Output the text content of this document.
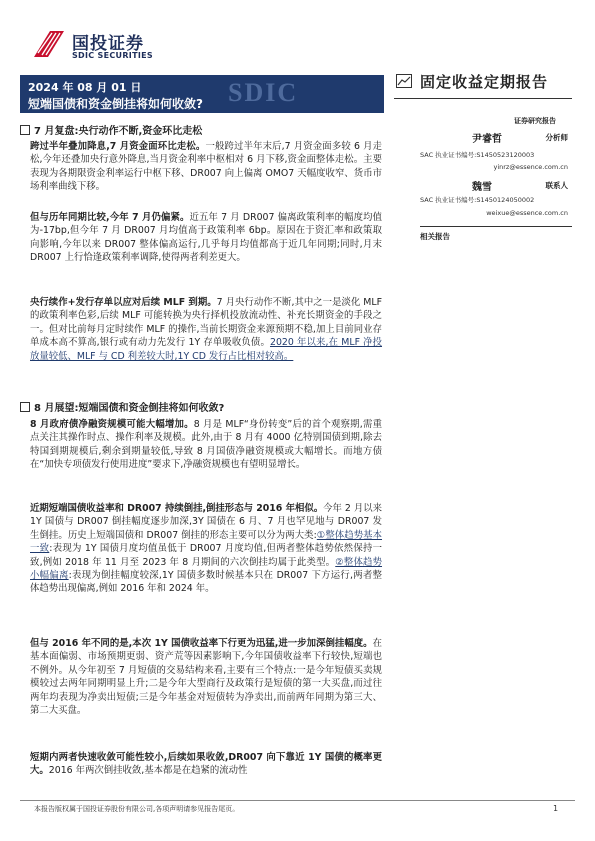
国投证券
SDIC SECURITIES
SDIC
2024 年 08 月 01 日
短端国债和资金倒挂将如何收敛?
固定收益定期报告
证券研究报告
尹睿哲	分析师
SAC 执业证书编号:S1450523120003
yinrz@essence.com.cn
魏雪	联系人
SAC 执业证书编号:S1450124050002
weixue@essence.com.cn
相关报告
7 月复盘:央行动作不断,资金环比走松
跨过半年叠加降息,7 月资金面环比走松。一般跨过半年末后,7 月资金面多较 6 月走松,今年还叠加央行意外降息,当月资金利率中枢相对 6 月下移,资金面整体走松。主要表现为各期限资金利率运行中枢下移、DR007 向上偏离 OMO7 天幅度收窄、货币市场利率曲线下移。
但与历年同期比较,今年 7 月仍偏紧。近五年 7 月 DR007 偏离政策利率的幅度均值为-17bp,但今年 7 月 DR007 月均值高于政策利率 6bp。原因在于资汇率和政策取向影响,今年以来 DR007 整体偏高运行,几乎每月均值都高于近几年同期;同时,月末 DR007 上行恰逢政策利率调降,使得两者利差更大。
央行续作+发行存单以应对后续 MLF 到期。7 月央行动作不断,其中之一是淡化 MLF 的政策利率色彩,后续 MLF 可能转换为央行择机投放流动性、补充长期资金的手段之一。但对比前每月定时续作 MLF 的操作,当前长期资金来源预期不稳,加上目前同业存单成本高不算高,银行或有动力先发行 1Y 存单吸收负债。2020 年以来,在 MLF 净投放量较低、MLF 与 CD 利差较大时,1Y CD 发行占比相对较高。
8 月展望:短端国债和资金倒挂将如何收敛?
8 月政府债净融资规模可能大幅增加。8 月是 MLF“身份转变”后的首个观察期,需重点关注其操作时点、操作利率及规模。此外,由于 8 月有 4000 亿特别国债到期,除去特国到期规模后,剩余到期量较低,导致 8 月国债净融资规模或大幅增长。而地方债在“加快专项债发行使用进度”要求下,净融资规模也有望明显增长。
近期短端国债收益率和 DR007 持续倒挂,倒挂形态与 2016 年相似。今年 2 月以来 1Y 国债与 DR007 倒挂幅度逐步加深,3Y 国债在 6 月、7 月也罕见地与 DR007 发生倒挂。历史上短端国债和 DR007 倒挂的形态主要可以分为两大类:①整体趋势基本一致:表现为 1Y 国债月度均值虽低于 DR007 月度均值,但两者整体趋势依然保持一致,例如 2018 年 11 月至 2023 年 8 月期间的六次倒挂均属于此类型。②整体趋势小幅偏离:表现为倒挂幅度较深,1Y 国债多数时候基本只在 DR007 下方运行,两者整体趋势出现偏离,例如 2016 年和 2024 年。
但与 2016 年不同的是,本次 1Y 国债收益率下行更为迅猛,进一步加深倒挂幅度。在基本面偏弱、市场预期更弱、资产荒等因素影响下,今年国债收益率下行较快,短端也不例外。从今年初至 7 月短债的交易结构来看,主要有三个特点:一是今年短债买卖规模较过去两年同期明显上升;二是今年大型商行及政策行是短债的第一大买盘,而过往两年均表现为净卖出短债;三是今年基金对短债转为净卖出,而前两年同期为第三大、第二大买盘。
短期内两者快速收敛可能性较小,后续如果收敛,DR007 向下靠近 1Y 国债的概率更大。2016 年两次倒挂收敛,基本都是在趋紧的流动性
本报告版权属于国投证券股份有限公司,各项声明请参见报告尾页。	1
